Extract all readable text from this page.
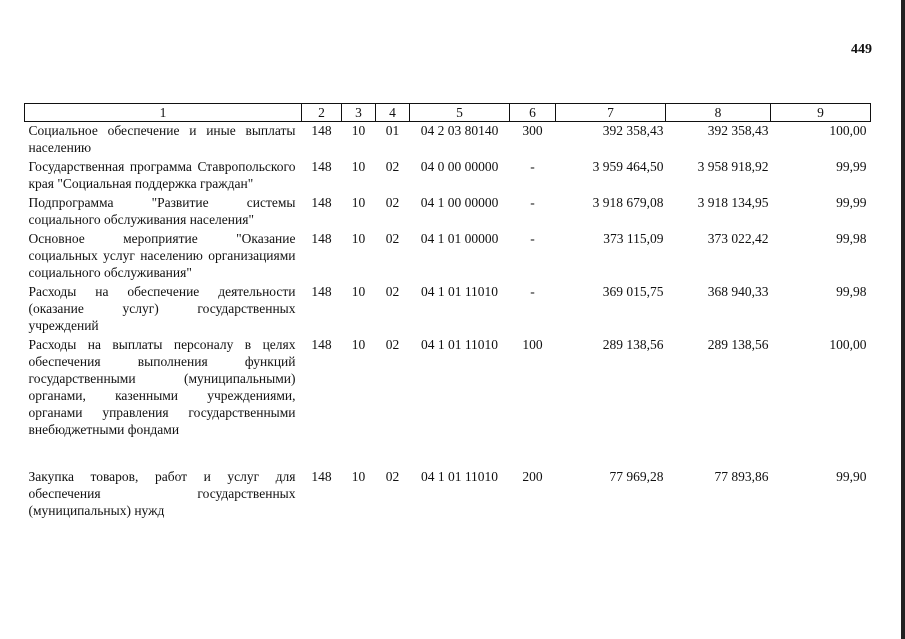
449
1	2	3	4	5	6	7	8	9
Социальное обеспечение и иные выплаты населению	148	10	01	04 2 03 80140	300	392 358,43	392 358,43	100,00
Государственная программа Ставропольского края "Социальная поддержка граждан"	148	10	02	04 0 00 00000	-	3 959 464,50	3 958 918,92	99,99
Подпрограмма "Развитие системы социального обслуживания населения"	148	10	02	04 1 00 00000	-	3 918 679,08	3 918 134,95	99,99
Основное мероприятие "Оказание социальных услуг населению организациями социального обслуживания"	148	10	02	04 1 01 00000	-	373 115,09	373 022,42	99,98
Расходы на обеспечение деятельности (оказание услуг) государственных учреждений	148	10	02	04 1 01 11010	-	369 015,75	368 940,33	99,98
Расходы на выплаты персоналу в целях обеспечения выполнения функций государственными (муниципальными) органами, казенными учреждениями, органами управления государственными внебюджетными фондами	148	10	02	04 1 01 11010	100	289 138,56	289 138,56	100,00

Закупка товаров, работ и услуг для обеспечения государственных (муниципальных) нужд	148	10	02	04 1 01 11010	200	77 969,28	77 893,86	99,90
